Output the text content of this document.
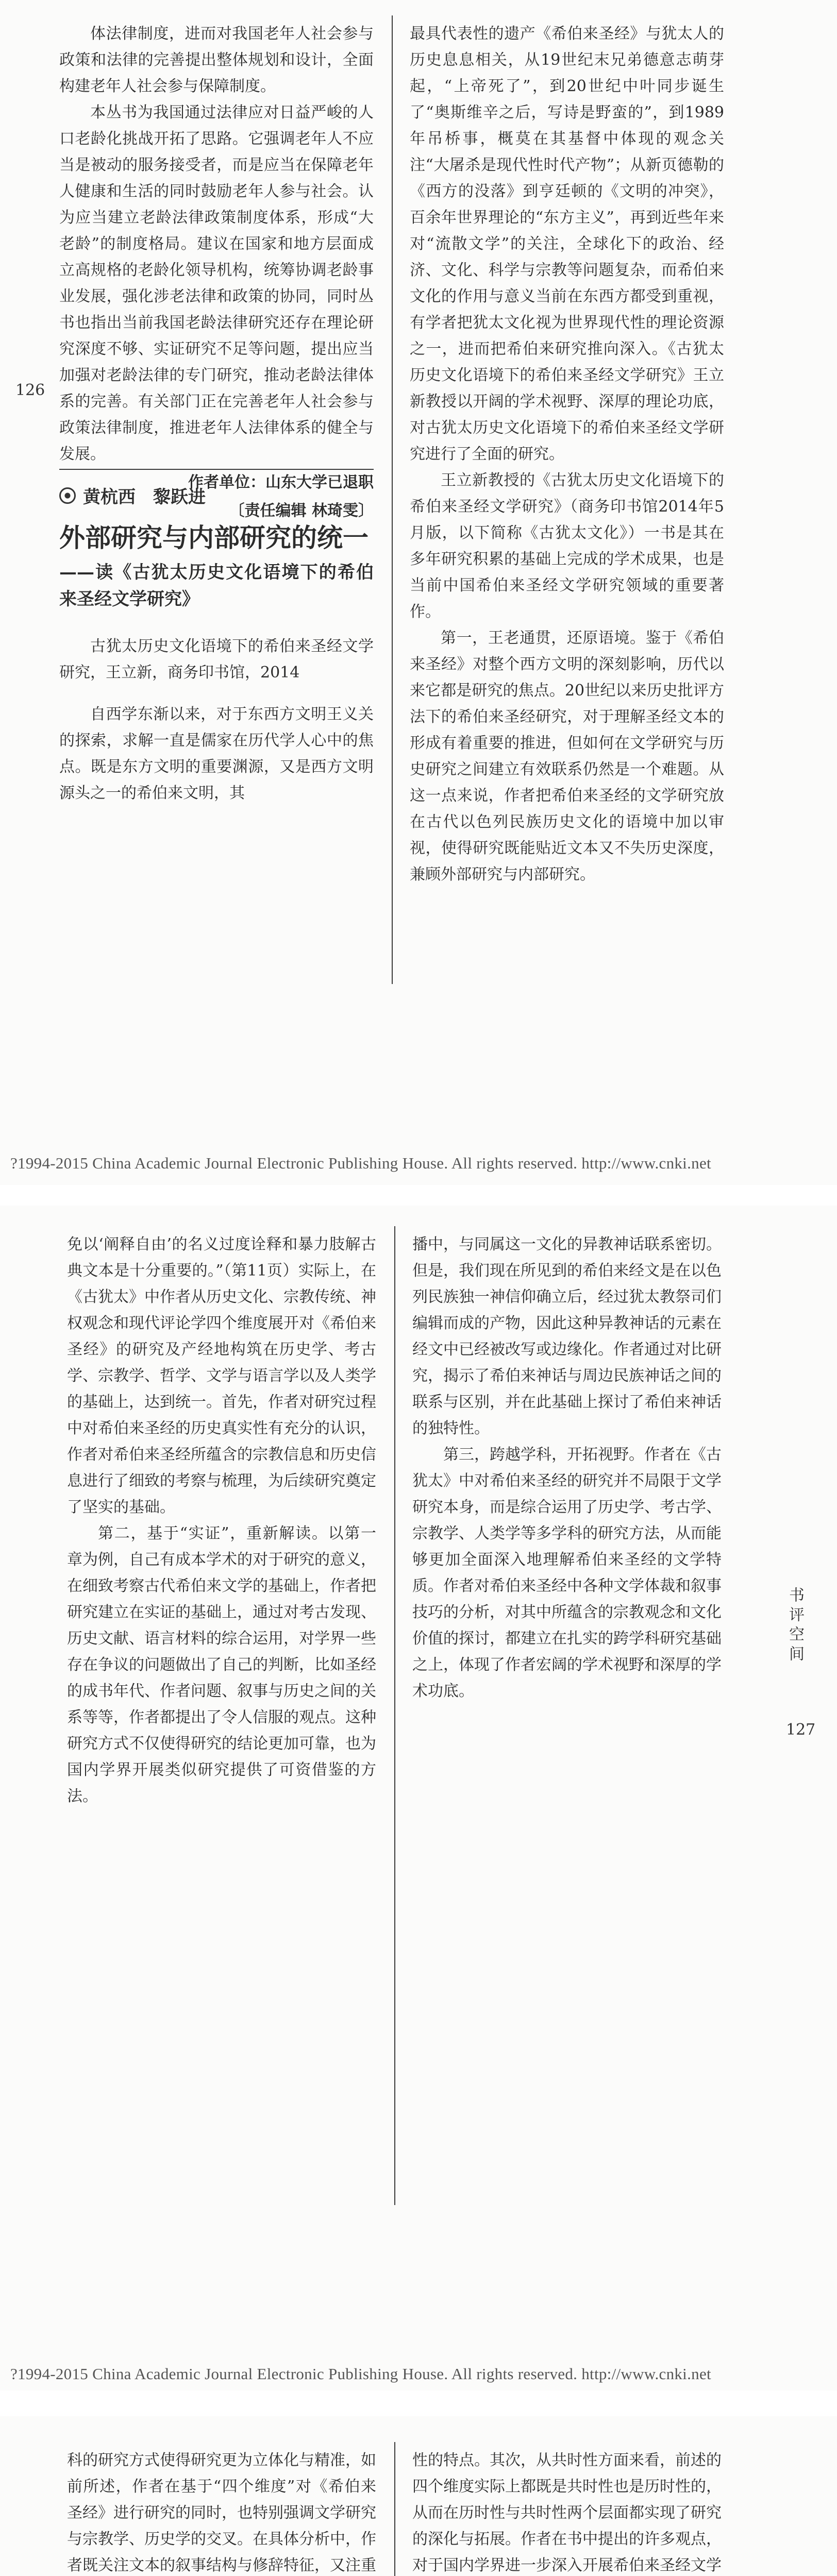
体法律制度，进而对我国老年人社会参与政策和法律的完善提出整体规划和设计，全面构建老年人社会参与保障制度。

本丛书为我国通过法律应对日益严峻的人口老龄化挑战开拓了思路。它强调老年人不应当是被动的服务接受者，而是应当在保障老年人健康和生活的同时鼓励老年人参与社会。认为应当建立老龄法律政策制度体系，形成“大老龄”的制度格局。建议在国家和地方层面成立高规格的老龄化领导机构，统筹协调老龄事业发展，强化涉老法律和政策的协同，同时丛书也指出当前我国老龄法律研究还存在理论研究深度不够、实证研究不足等问题，提出应当加强对老龄法律的专门研究，推动老龄法律体系的完善。有关部门正在完善老年人社会参与政策法律制度，推进老年人法律体系的健全与发展。

作者单位：山东大学已退职

〔责任编辑 林琦雯〕

黄杭西　黎跃进
外部研究与内部研究的统一
——读《古犹太历史文化语境下的希伯来圣经文学研究》

古犹太历史文化语境下的希伯来圣经文学研究，王立新，商务印书馆，2014

自西学东渐以来，对于东西方文明王义关的探索，求解一直是儒家在历代学人心中的焦点。既是东方文明的重要渊源，又是西方文明源头之一的希伯来文明，其

最具代表性的遗产《希伯来圣经》与犹太人的历史息息相关，从19世纪末兄弟德意志萌芽起，“上帝死了”，到20世纪中叶同步诞生了“奥斯维辛之后，写诗是野蛮的”，到1989年吊桥事，概莫在其基督中体现的观念关注“大屠杀是现代性时代产物”；从新页德勒的《西方的没落》到亨廷顿的《文明的冲突》，百余年世界理论的“东方主义”，再到近些年来对“流散文学”的关注，全球化下的政治、经济、文化、科学与宗教等问题复杂，而希伯来文化的作用与意义当前在东西方都受到重视，有学者把犹太文化视为世界现代性的理论资源之一，进而把希伯来研究推向深入。《古犹太历史文化语境下的希伯来圣经文学研究》王立新教授以开阔的学术视野、深厚的理论功底，对古犹太历史文化语境下的希伯来圣经文学研究进行了全面的研究。

王立新教授的《古犹太历史文化语境下的希伯来圣经文学研究》（商务印书馆2014年5月版，以下简称《古犹太文化》）一书是其在多年研究积累的基础上完成的学术成果，也是当前中国希伯来圣经文学研究领域的重要著作。

第一，王老通贯，还原语境。鉴于《希伯来圣经》对整个西方文明的深刻影响，历代以来它都是研究的焦点。20世纪以来历史批评方法下的希伯来圣经研究，对于理解圣经文本的形成有着重要的推进，但如何在文学研究与历史研究之间建立有效联系仍然是一个难题。从这一点来说，作者把希伯来圣经的文学研究放在古代以色列民族历史文化的语境中加以审视，使得研究既能贴近文本又不失历史深度，兼顾外部研究与内部研究。

126
?1994-2015 China Academic Journal Electronic Publishing House. All rights reserved. http://www.cnki.net

免以‘阐释自由’的名义过度诠释和暴力肢解古典文本是十分重要的。”（第11页）实际上，在《古犹太》中作者从历史文化、宗教传统、神权观念和现代评论学四个维度展开对《希伯来圣经》的研究及产经地构筑在历史学、考古学、宗教学、哲学、文学与语言学以及人类学的基础上，达到统一。首先，作者对研究过程中对希伯来圣经的历史真实性有充分的认识，作者对希伯来圣经所蕴含的宗教信息和历史信息进行了细致的考察与梳理，为后续研究奠定了坚实的基础。

第二，基于“实证”，重新解读。以第一章为例，自己有成本学术的对于研究的意义，在细致考察古代希伯来文学的基础上，作者把研究建立在实证的基础上，通过对考古发现、历史文献、语言材料的综合运用，对学界一些存在争议的问题做出了自己的判断，比如圣经的成书年代、作者问题、叙事与历史之间的关系等等，作者都提出了令人信服的观点。这种研究方式不仅使得研究的结论更加可靠，也为国内学界开展类似研究提供了可资借鉴的方法。

播中，与同属这一文化的异教神话联系密切。但是，我们现在所见到的希伯来经文是在以色列民族独一神信仰确立后，经过犹太教祭司们编辑而成的产物，因此这种异教神话的元素在经文中已经被改写或边缘化。作者通过对比研究，揭示了希伯来神话与周边民族神话之间的联系与区别，并在此基础上探讨了希伯来神话的独特性。

第三，跨越学科，开拓视野。作者在《古犹太》中对希伯来圣经的研究并不局限于文学研究本身，而是综合运用了历史学、考古学、宗教学、人类学等多学科的研究方法，从而能够更加全面深入地理解希伯来圣经的文学特质。作者对希伯来圣经中各种文学体裁和叙事技巧的分析，对其中所蕴含的宗教观念和文化价值的探讨，都建立在扎实的跨学科研究基础之上，体现了作者宏阔的学术视野和深厚的学术功底。

书评空间
127
?1994-2015 China Academic Journal Electronic Publishing House. All rights reserved. http://www.cnki.net

科的研究方式使得研究更为立体化与精准，如前所述，作者在基于“四个维度”对《希伯来圣经》进行研究的同时，也特别强调文学研究与宗教学、历史学的交叉。在具体分析中，作者既关注文本的叙事结构与修辞特征，又注重

性的特点。其次，从共时性方面来看，前述的四个维度实际上都既是共时性也是历时性的，从而在历时性与共时性两个层面都实现了研究的深化与拓展。作者在书中提出的许多观点，对于国内学界进一步深入开展希伯来圣经文学
